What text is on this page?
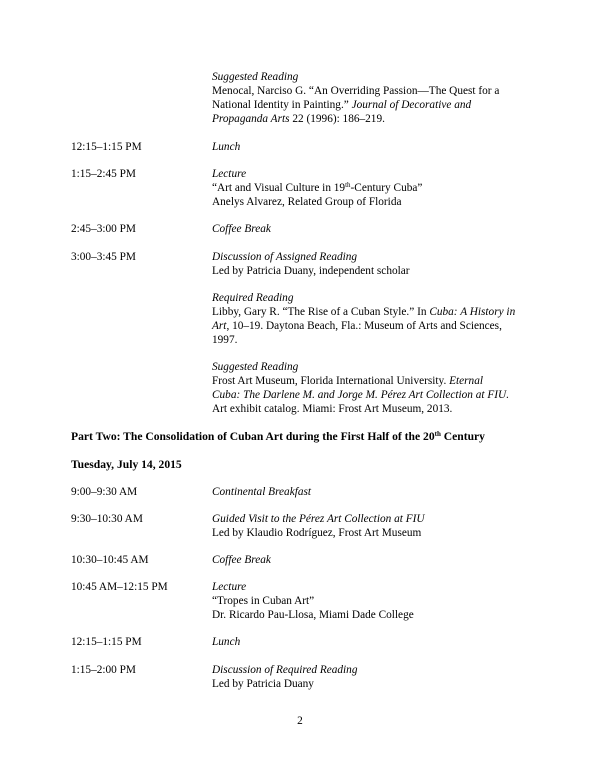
Suggested Reading
Menocal, Narciso G. “An Overriding Passion—The Quest for a
National Identity in Painting.” Journal of Decorative and
Propaganda Arts 22 (1996): 186–219.
12:15–1:15 PM	Lunch
1:15–2:45 PM	Lecture
“Art and Visual Culture in 19th-Century Cuba”
Anelys Alvarez, Related Group of Florida
2:45–3:00 PM	Coffee Break
3:00–3:45 PM	Discussion of Assigned Reading
Led by Patricia Duany, independent scholar
Required Reading
Libby, Gary R. “The Rise of a Cuban Style.” In Cuba: A History in
Art, 10–19. Daytona Beach, Fla.: Museum of Arts and Sciences,
1997.
Suggested Reading
Frost Art Museum, Florida International University. Eternal
Cuba: The Darlene M. and Jorge M. Pérez Art Collection at FIU.
Art exhibit catalog. Miami: Frost Art Museum, 2013.
Part Two: The Consolidation of Cuban Art during the First Half of the 20th Century
Tuesday, July 14, 2015
9:00–9:30 AM	Continental Breakfast
9:30–10:30 AM	Guided Visit to the Pérez Art Collection at FIU
Led by Klaudio Rodríguez, Frost Art Museum
10:30–10:45 AM	Coffee Break
10:45 AM–12:15 PM	Lecture
“Tropes in Cuban Art”
Dr. Ricardo Pau-Llosa, Miami Dade College
12:15–1:15 PM	Lunch
1:15–2:00 PM	Discussion of Required Reading
Led by Patricia Duany
2
